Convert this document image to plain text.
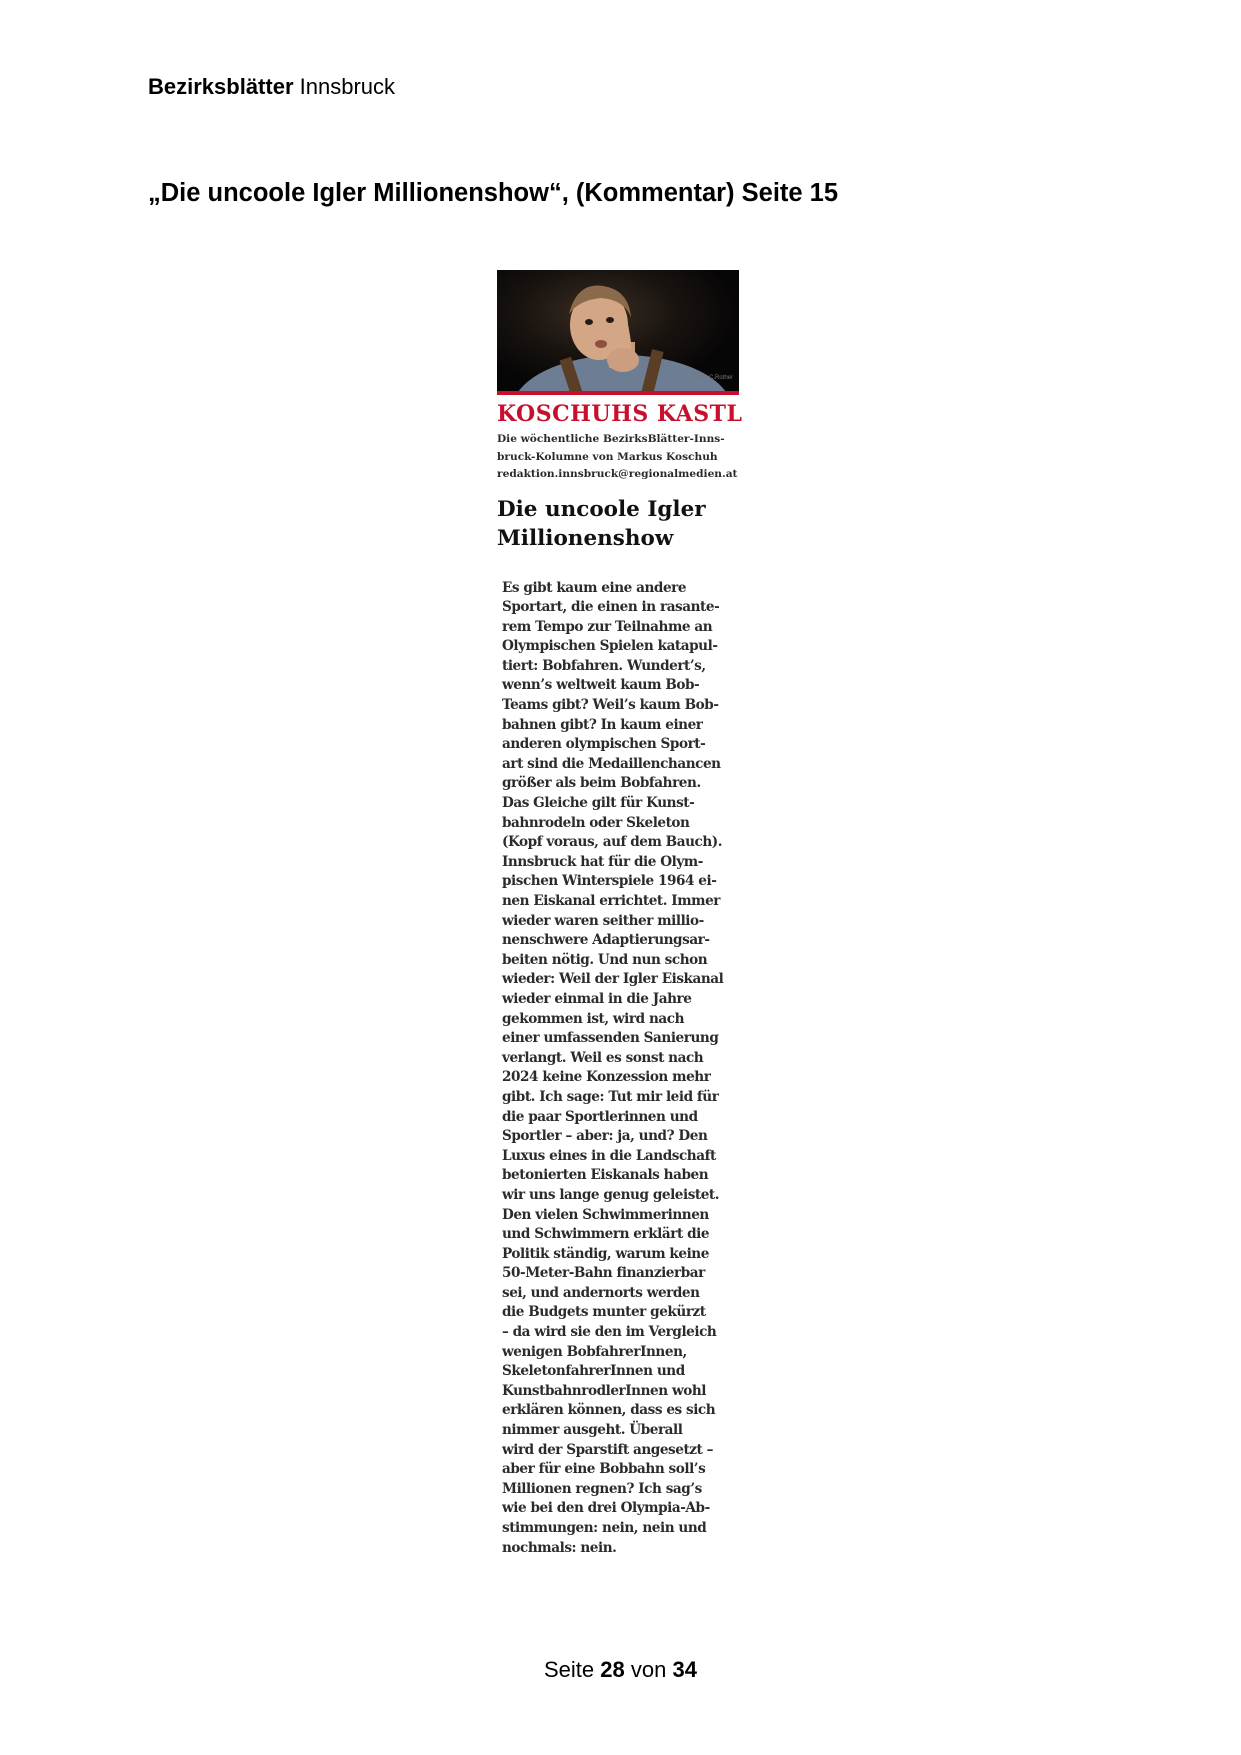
Bezirksblätter Innsbruck
„Die uncoole Igler Millionenshow“, (Kommentar) Seite 15
Foto: C.Rother
KOSCHUHS KASTL
Die wöchentliche BezirksBlätter-Inns-
bruck-Kolumne von Markus Koschuh
redaktion.innsbruck@regionalmedien.at
Die uncoole Igler
Millionenshow
Es gibt kaum eine andere
Sportart, die einen in rasante-
rem Tempo zur Teilnahme an
Olympischen Spielen katapul-
tiert: Bobfahren. Wundert’s,
wenn’s weltweit kaum Bob-
Teams gibt? Weil’s kaum Bob-
bahnen gibt? In kaum einer
anderen olympischen Sport-
art sind die Medaillenchancen
größer als beim Bobfahren.
Das Gleiche gilt für Kunst-
bahnrodeln oder Skeleton
(Kopf voraus, auf dem Bauch).
Innsbruck hat für die Olym-
pischen Winterspiele 1964 ei-
nen Eiskanal errichtet. Immer
wieder waren seither millio-
nenschwere Adaptierungsar-
beiten nötig. Und nun schon
wieder: Weil der Igler Eiskanal
wieder einmal in die Jahre
gekommen ist, wird nach
einer umfassenden Sanierung
verlangt. Weil es sonst nach
2024 keine Konzession mehr
gibt. Ich sage: Tut mir leid für
die paar Sportlerinnen und
Sportler – aber: ja, und? Den
Luxus eines in die Landschaft
betonierten Eiskanals haben
wir uns lange genug geleistet.
Den vielen Schwimmerinnen
und Schwimmern erklärt die
Politik ständig, warum keine
50-Meter-Bahn finanzierbar
sei, und andernorts werden
die Budgets munter gekürzt
– da wird sie den im Vergleich
wenigen BobfahrerInnen,
SkeletonfahrerInnen und
KunstbahnrodlerInnen wohl
erklären können, dass es sich
nimmer ausgeht. Überall
wird der Sparstift angesetzt –
aber für eine Bobbahn soll’s
Millionen regnen? Ich sag’s
wie bei den drei Olympia-Ab-
stimmungen: nein, nein und
nochmals: nein.
Seite 28 von 34
